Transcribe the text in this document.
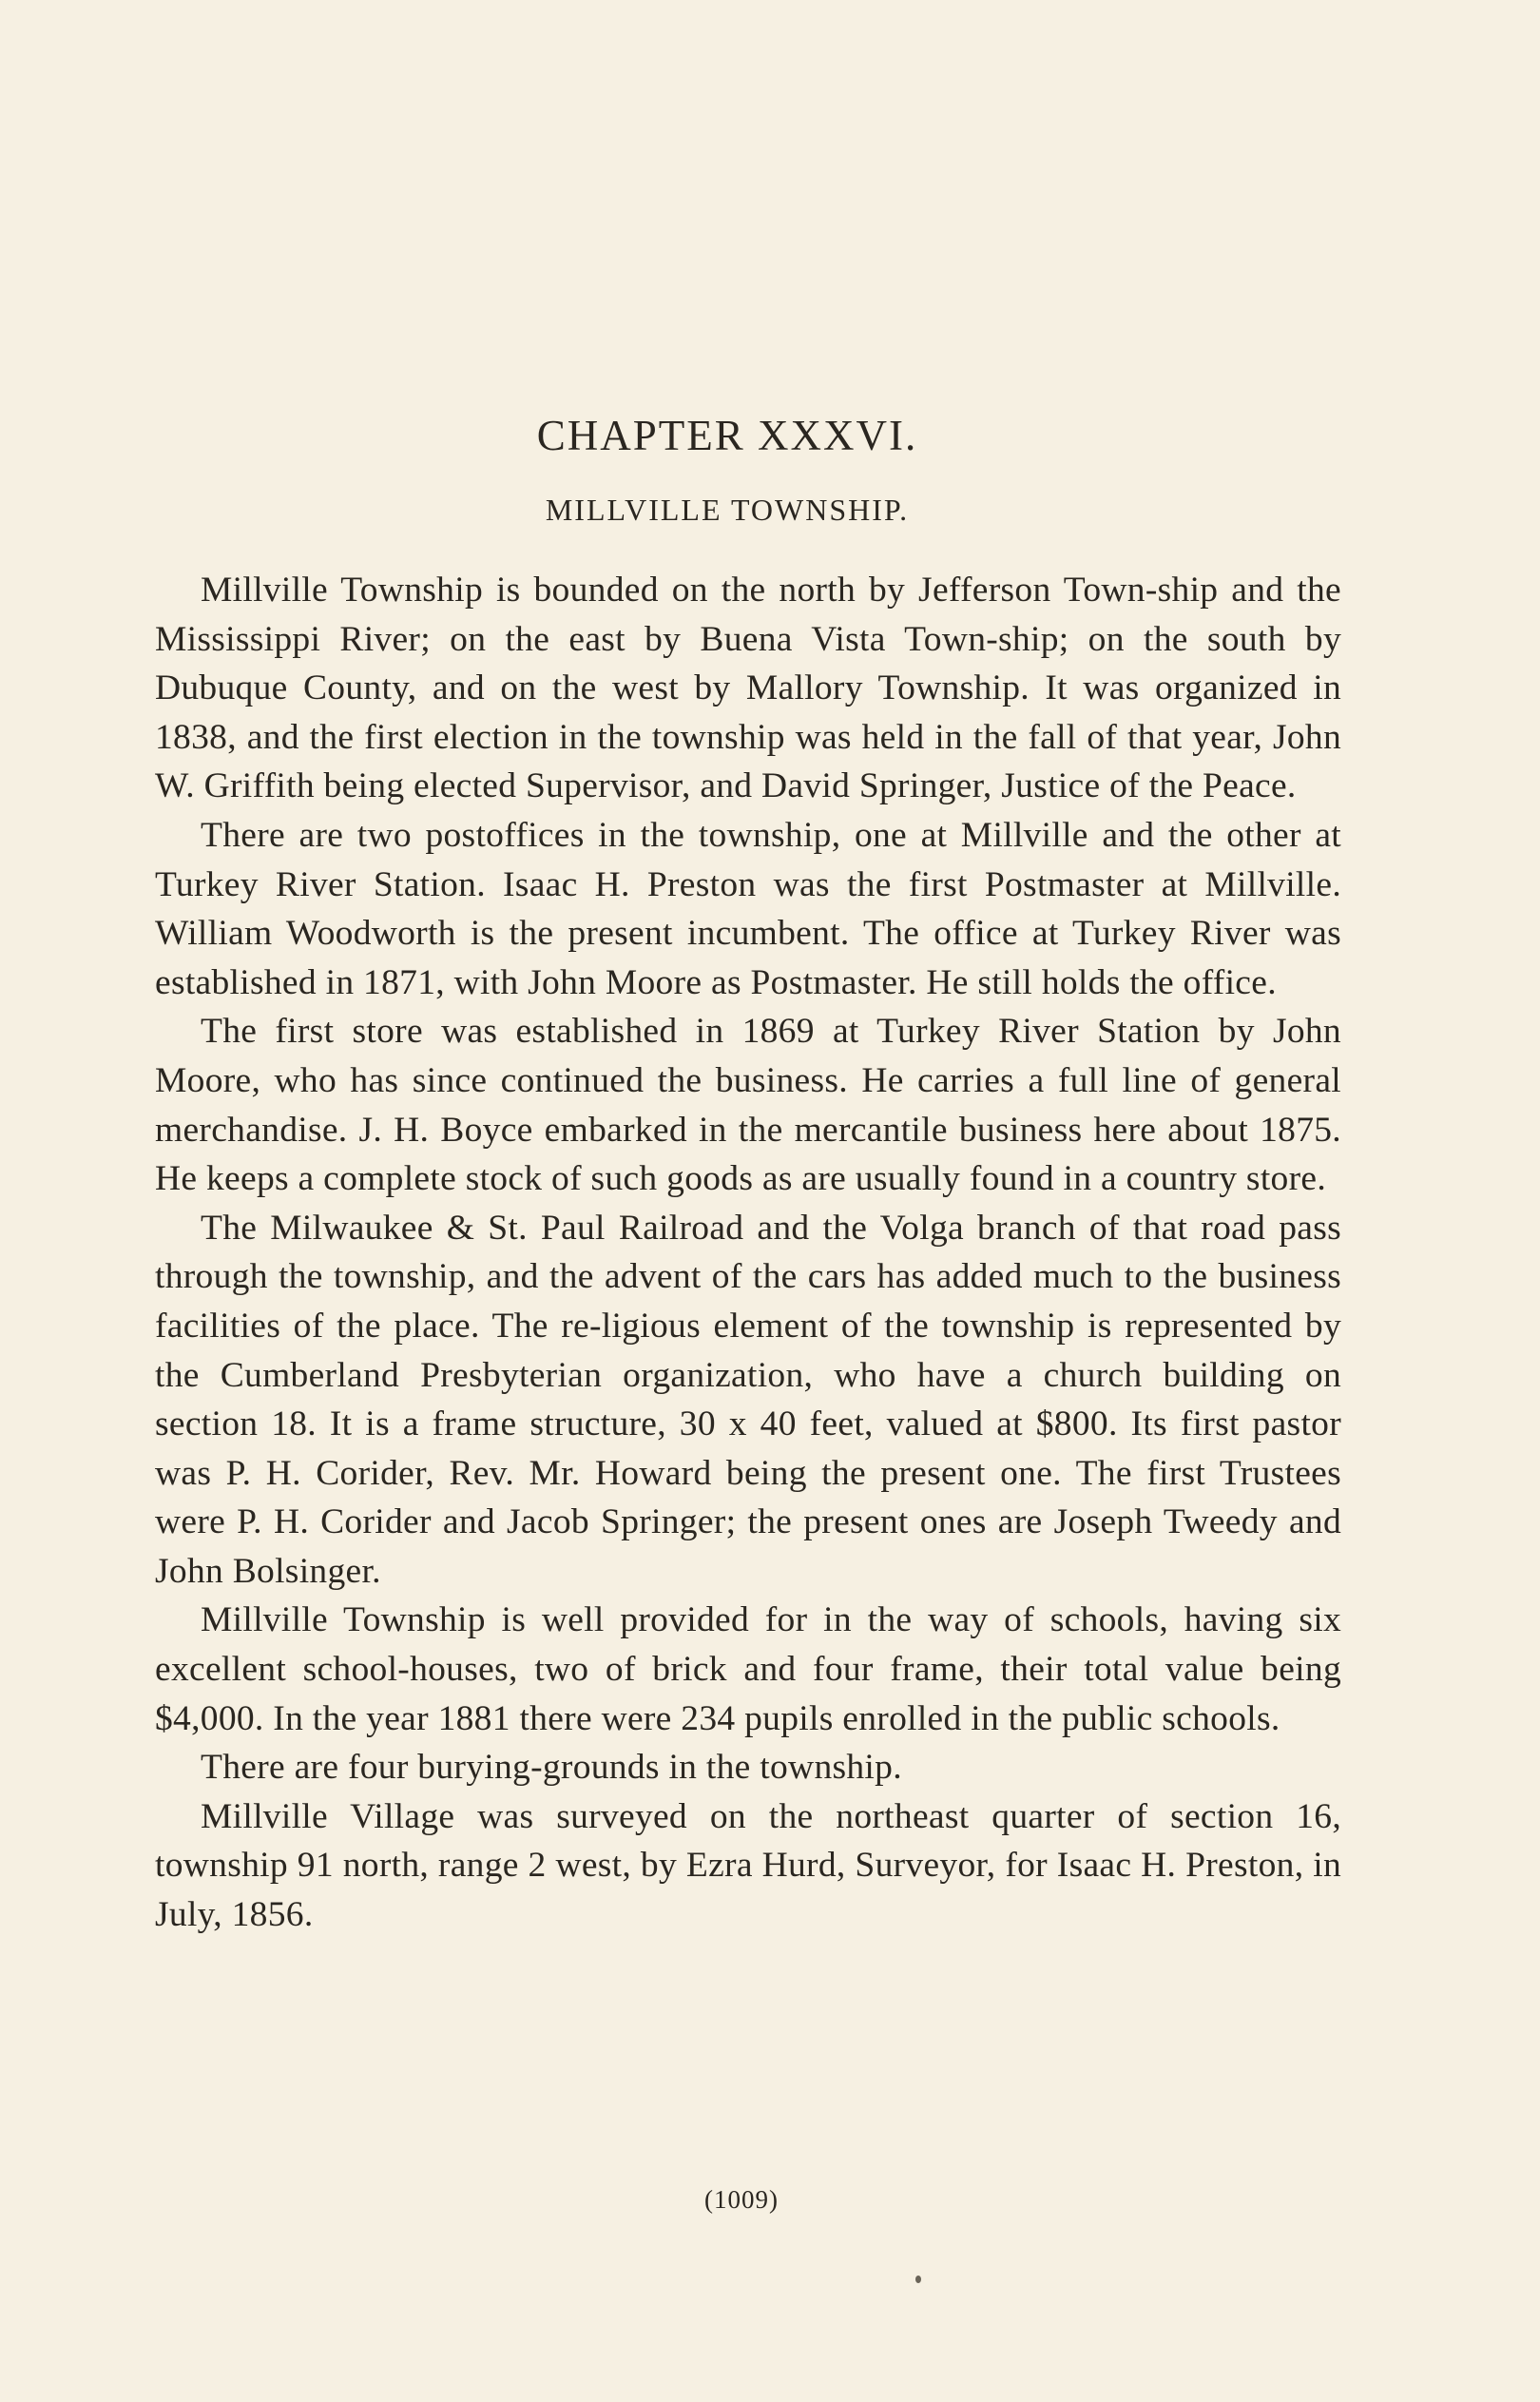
CHAPTER XXXVI.
MILLVILLE TOWNSHIP.

Millville Township is bounded on the north by Jefferson Town-ship and the Mississippi River; on the east by Buena Vista Town-ship; on the south by Dubuque County, and on the west by Mallory Township. It was organized in 1838, and the first election in the township was held in the fall of that year, John W. Griffith being elected Supervisor, and David Springer, Justice of the Peace.

There are two postoffices in the township, one at Millville and the other at Turkey River Station. Isaac H. Preston was the first Postmaster at Millville. William Woodworth is the present incumbent. The office at Turkey River was established in 1871, with John Moore as Postmaster. He still holds the office.

The first store was established in 1869 at Turkey River Station by John Moore, who has since continued the business. He carries a full line of general merchandise. J. H. Boyce embarked in the mercantile business here about 1875. He keeps a complete stock of such goods as are usually found in a country store.

The Milwaukee & St. Paul Railroad and the Volga branch of that road pass through the township, and the advent of the cars has added much to the business facilities of the place. The re-ligious element of the township is represented by the Cumberland Presbyterian organization, who have a church building on section 18. It is a frame structure, 30 x 40 feet, valued at $800. Its first pastor was P. H. Corider, Rev. Mr. Howard being the present one. The first Trustees were P. H. Corider and Jacob Springer; the present ones are Joseph Tweedy and John Bolsinger.

Millville Township is well provided for in the way of schools, having six excellent school-houses, two of brick and four frame, their total value being $4,000. In the year 1881 there were 234 pupils enrolled in the public schools.

There are four burying-grounds in the township.

Millville Village was surveyed on the northeast quarter of section 16, township 91 north, range 2 west, by Ezra Hurd, Surveyor, for Isaac H. Preston, in July, 1856.

(1009)
